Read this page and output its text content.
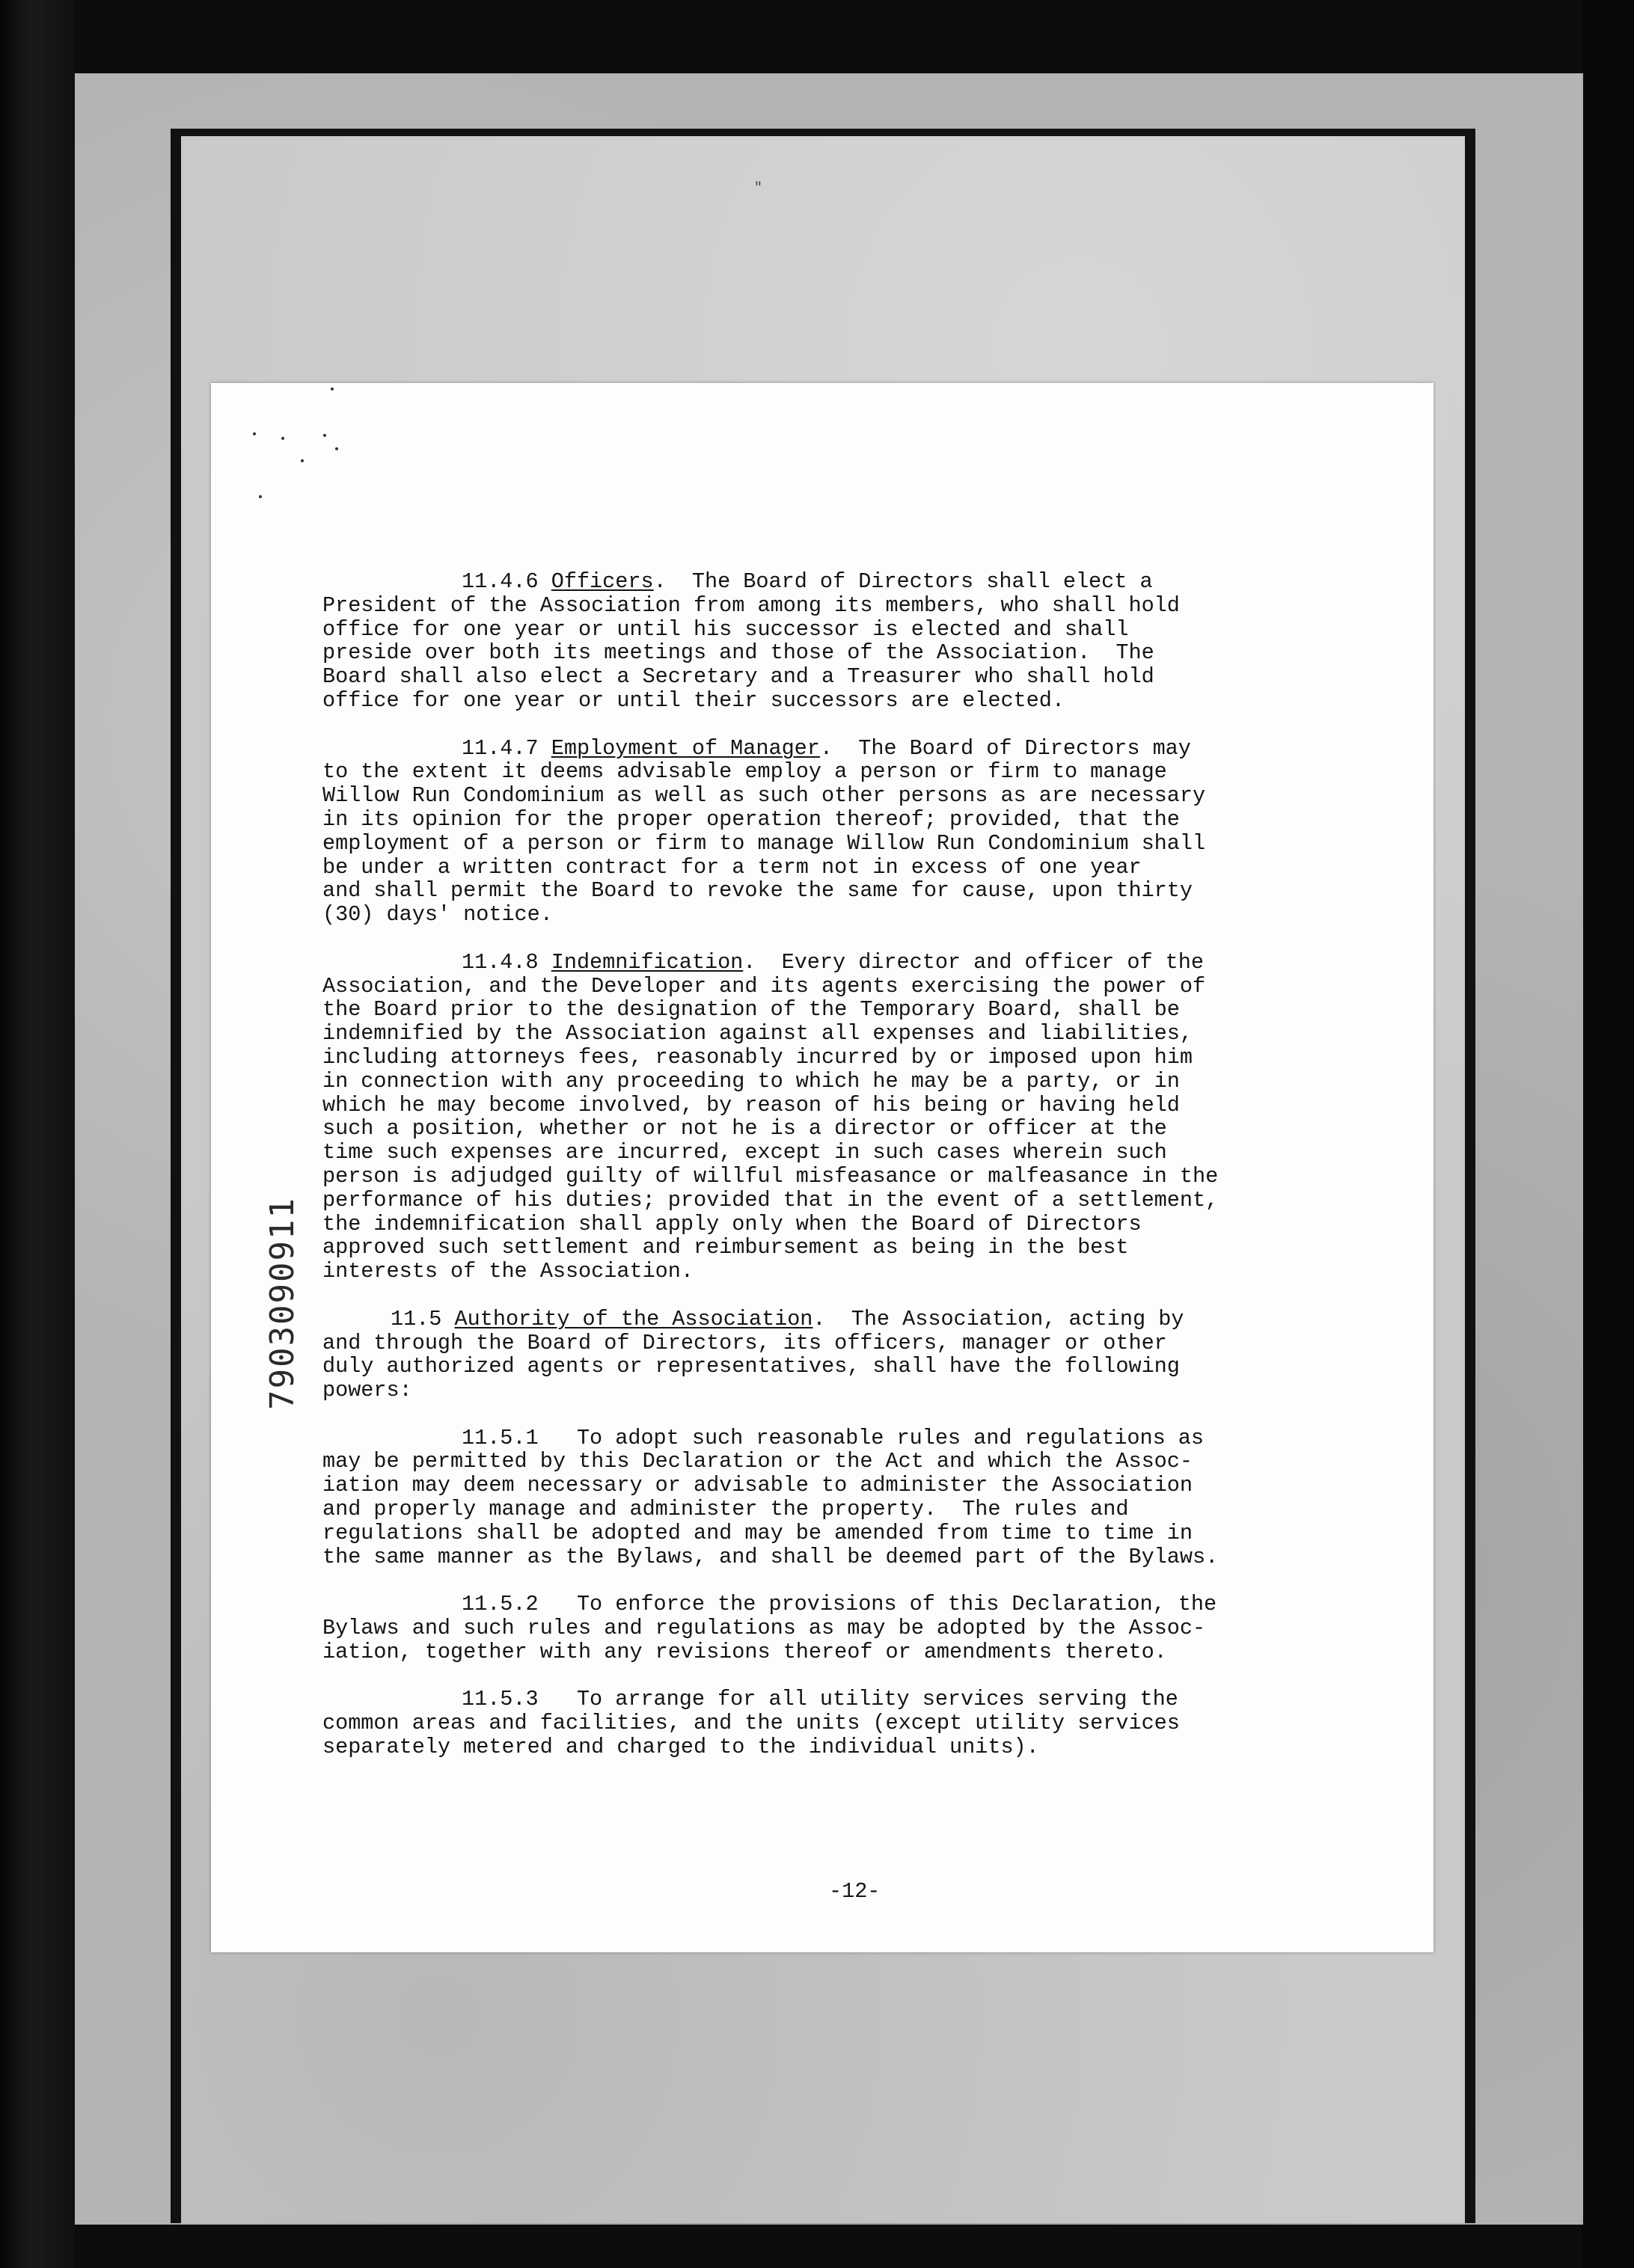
"
7903090911
11.4.6 Officers.  The Board of Directors shall elect a
President of the Association from among its members, who shall hold
office for one year or until his successor is elected and shall
preside over both its meetings and those of the Association.  The
Board shall also elect a Secretary and a Treasurer who shall hold
office for one year or until their successors are elected.
11.4.7 Employment of Manager.  The Board of Directors may
to the extent it deems advisable employ a person or firm to manage
Willow Run Condominium as well as such other persons as are necessary
in its opinion for the proper operation thereof; provided, that the
employment of a person or firm to manage Willow Run Condominium shall
be under a written contract for a term not in excess of one year
and shall permit the Board to revoke the same for cause, upon thirty
(30) days' notice.
11.4.8 Indemnification.  Every director and officer of the
Association, and the Developer and its agents exercising the power of
the Board prior to the designation of the Temporary Board, shall be
indemnified by the Association against all expenses and liabilities,
including attorneys fees, reasonably incurred by or imposed upon him
in connection with any proceeding to which he may be a party, or in
which he may become involved, by reason of his being or having held
such a position, whether or not he is a director or officer at the
time such expenses are incurred, except in such cases wherein such
person is adjudged guilty of willful misfeasance or malfeasance in the
performance of his duties; provided that in the event of a settlement,
the indemnification shall apply only when the Board of Directors
approved such settlement and reimbursement as being in the best
interests of the Association.
11.5 Authority of the Association.  The Association, acting by
and through the Board of Directors, its officers, manager or other
duly authorized agents or representatives, shall have the following
powers:
11.5.1   To adopt such reasonable rules and regulations as
may be permitted by this Declaration or the Act and which the Assoc-
iation may deem necessary or advisable to administer the Association
and properly manage and administer the property.  The rules and
regulations shall be adopted and may be amended from time to time in
the same manner as the Bylaws, and shall be deemed part of the Bylaws.
11.5.2   To enforce the provisions of this Declaration, the
Bylaws and such rules and regulations as may be adopted by the Assoc-
iation, together with any revisions thereof or amendments thereto.
11.5.3   To arrange for all utility services serving the
common areas and facilities, and the units (except utility services
separately metered and charged to the individual units).
-12-
